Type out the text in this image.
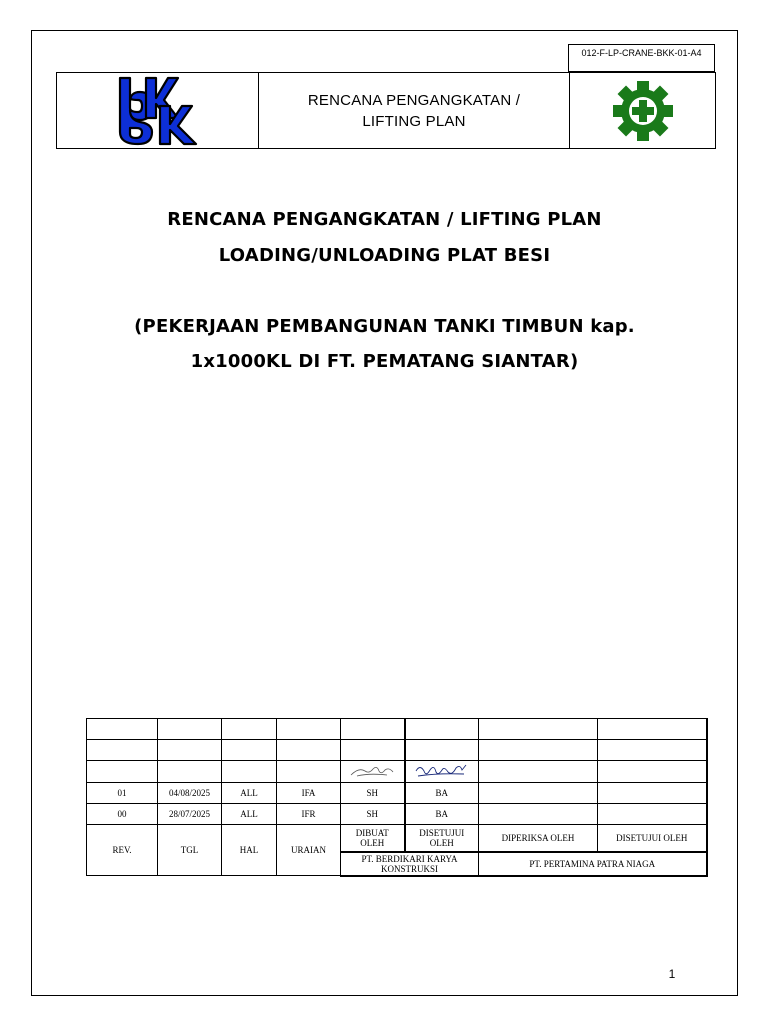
012-F-LP-CRANE-BKK-01-A4
RENCANA PENGANGKATAN /
LIFTING PLAN
RENCANA PENGANGKATAN / LIFTING PLAN
LOADING/UNLOADING PLAT BESI
(PEKERJAAN PEMBANGUNAN TANKI TIMBUN kap.
1x1000KL DI FT. PEMATANG SIANTAR)

01	04/08/2025	ALL	IFA	SH	BA		
00	28/07/2025	ALL	IFR	SH	BA		
REV.	TGL	HAL	URAIAN	DIBUAT OLEH	DISETUJUI OLEH	DIPERIKSA OLEH	DISETUJUI OLEH
				PT. BERDIKARI KARYA KONSTRUKSI		PT. PERTAMINA PATRA NIAGA	
1
